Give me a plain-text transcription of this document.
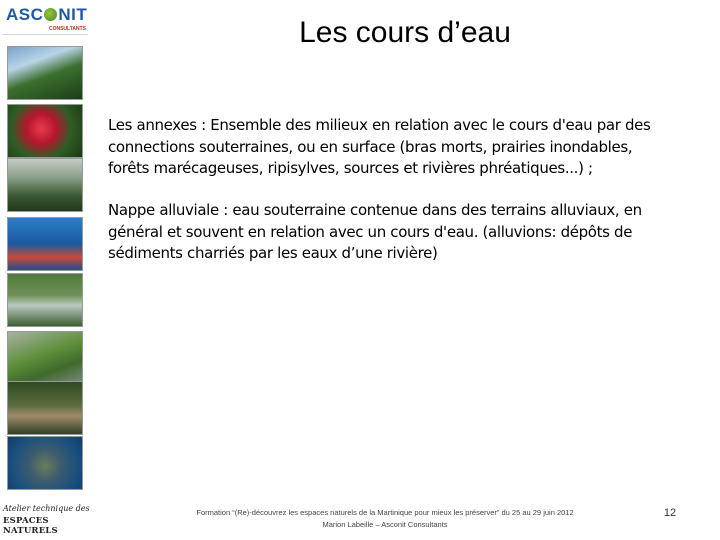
ASC NIT
CONSULTANTS
Atelier technique des
ESPACES NATURELS
Les cours d’eau
Les annexes : Ensemble des milieux en relation avec le cours d'eau par des connections souterraines, ou en surface (bras morts, prairies inondables, forêts marécageuses, ripisylves, sources et rivières phréatiques...) ;
Nappe alluviale : eau souterraine contenue dans des terrains alluviaux, en général et souvent en relation avec un cours d'eau. (alluvions: dépôts de sédiments charriés par les eaux d’une rivière)
Formation “(Re)-découvrez les espaces naturels de la Martinique pour mieux les préserver” du 25 au 29 juin 2012
Marion Labeille – Asconit Consultants
12
